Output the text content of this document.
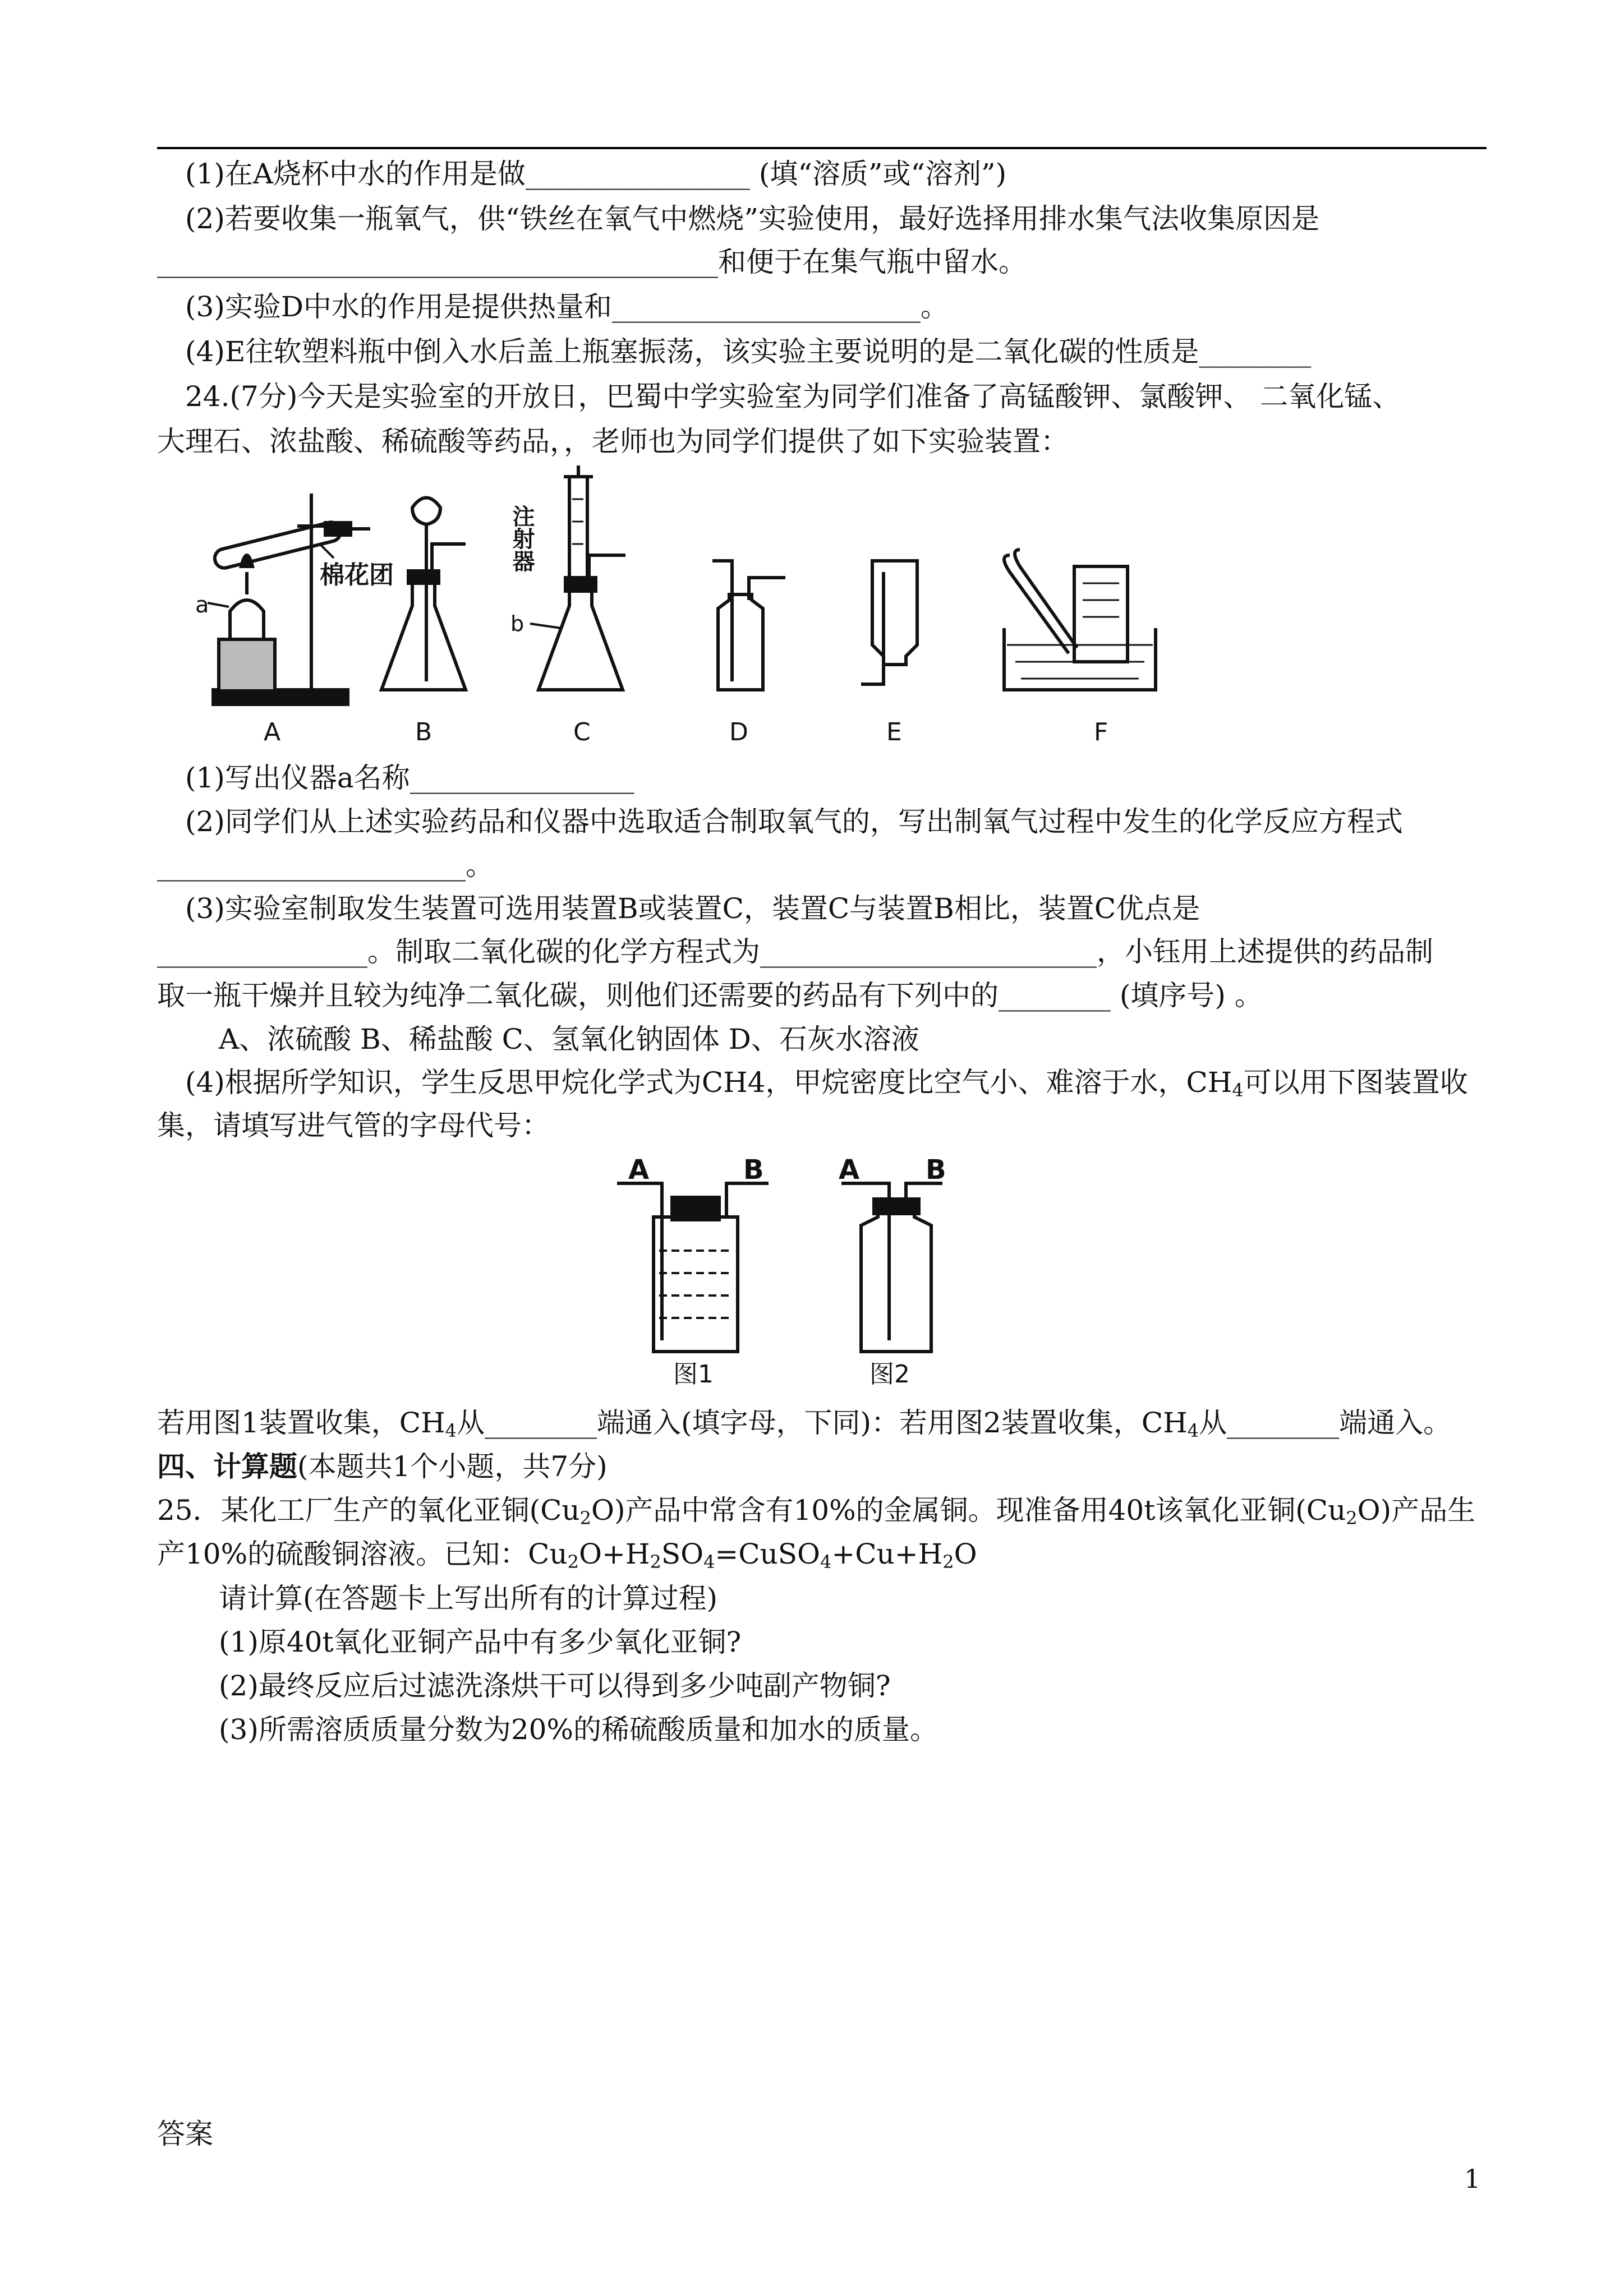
(1)在A烧杯中水的作用是做________________ (填“溶质”或“溶剂”)
(2)若要收集一瓶氧气，供“铁丝在氧气中燃烧”实验使用，最好选择用排水集气法收集原因是
________________________________________和便于在集气瓶中留水。
(3)实验D中水的作用是提供热量和______________________。
(4)E往软塑料瓶中倒入水后盖上瓶塞振荡，该实验主要说明的是二氧化碳的性质是________
24.(7分)今天是实验室的开放日，巴蜀中学实验室为同学们准备了高锰酸钾、氯酸钾、 二氧化锰、
大理石、浓盐酸、稀硫酸等药品，，老师也为同学们提供了如下实验装置：
a
棉花团
A	B
b
注射器
C	D	E	F
(1)写出仪器a名称________________
(2)同学们从上述实验药品和仪器中选取适合制取氧气的，写出制氧气过程中发生的化学反应方程式
______________________。
(3)实验室制取发生装置可选用装置B或装置C，装置C与装置B相比，装置C优点是
_______________。制取二氧化碳的化学方程式为________________________，小钰用上述提供的药品制
取一瓶干燥并且较为纯净二氧化碳，则他们还需要的药品有下列中的________ (填序号) 。
A、浓硫酸 B、稀盐酸 C、氢氧化钠固体 D、石灰水溶液
(4)根据所学知识，学生反思甲烷化学式为CH4，甲烷密度比空气小、难溶于水，$CH_4$可以用下图装置收
集，请填写进气管的字母代号：
A	B
图1
A B
图2
若用图1装置收集，$CH_4$从________端通入(填字母，下同)：若用图2装置收集，$CH_4$从________端通入。
四、计算题(本题共1个小题，共7分)
25．某化工厂生产的氧化亚铜$(Cu_2O)$产品中常含有10%的金属铜。现准备用40t该氧化亚铜$(Cu_2O)$产品生
产10%的硫酸铜溶液。已知：$Cu_2O+H_2SO_4=CuSO_4+Cu+H_2O$
请计算(在答题卡上写出所有的计算过程)
(1)原40t氧化亚铜产品中有多少氧化亚铜?
(2)最终反应后过滤洗涤烘干可以得到多少吨副产物铜?
(3)所需溶质质量分数为20%的稀硫酸质量和加水的质量。
答案
1
